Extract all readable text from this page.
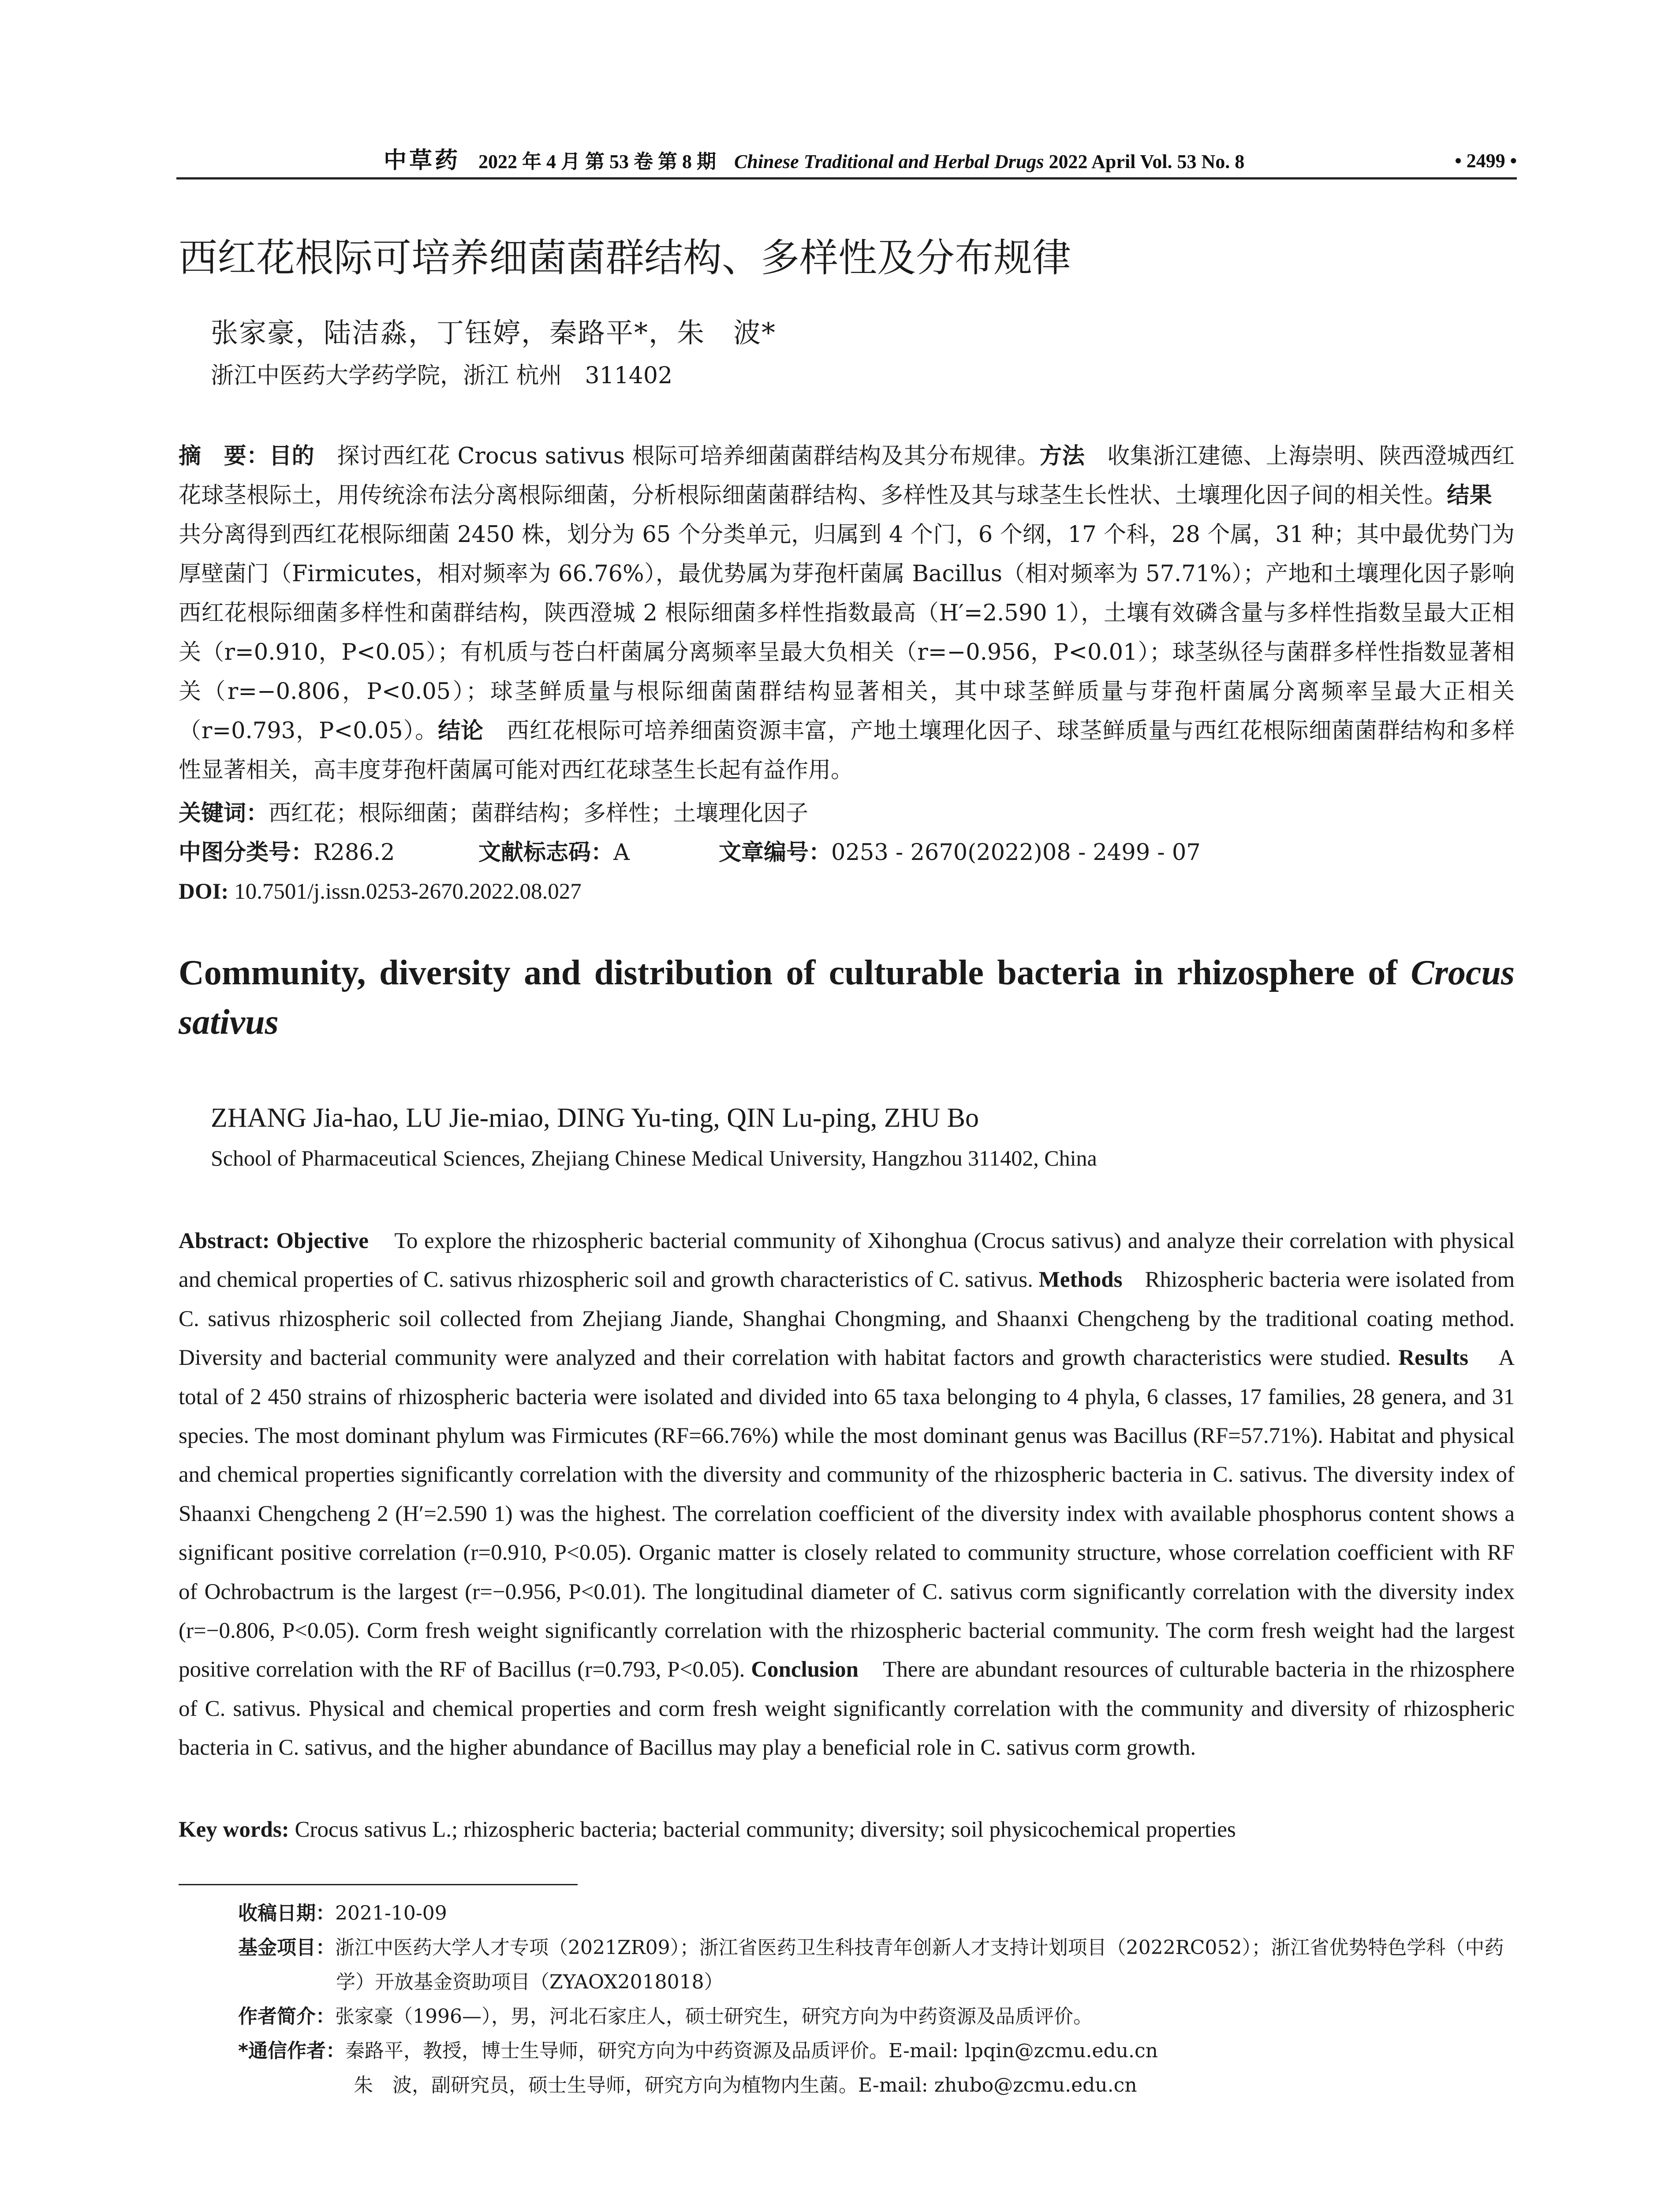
中草药 2022 年 4 月 第 53 卷 第 8 期 Chinese Traditional and Herbal Drugs 2022 April Vol. 53 No. 8	• 2499 •
西红花根际可培养细菌菌群结构、多样性及分布规律
张家豪，陆洁淼，丁钰婷，秦路平*，朱　波*
浙江中医药大学药学院，浙江 杭州　311402

摘　要：目的　探讨西红花 Crocus sativus 根际可培养细菌菌群结构及其分布规律。方法　收集浙江建德、上海崇明、陕西澄城西红花球茎根际土，用传统涂布法分离根际细菌，分析根际细菌菌群结构、多样性及其与球茎生长性状、土壤理化因子间的相关性。结果　共分离得到西红花根际细菌 2450 株，划分为 65 个分类单元，归属到 4 个门，6 个纲，17 个科，28 个属，31 种；其中最优势门为厚壁菌门（Firmicutes，相对频率为 66.76%），最优势属为芽孢杆菌属 Bacillus（相对频率为 57.71%）；产地和土壤理化因子影响西红花根际细菌多样性和菌群结构，陕西澄城 2 根际细菌多样性指数最高（H′=2.590 1），土壤有效磷含量与多样性指数呈最大正相关（r=0.910，P<0.05）；有机质与苍白杆菌属分离频率呈最大负相关（r=−0.956，P<0.01）；球茎纵径与菌群多样性指数显著相关（r=−0.806，P<0.05）；球茎鲜质量与根际细菌菌群结构显著相关，其中球茎鲜质量与芽孢杆菌属分离频率呈最大正相关（r=0.793，P<0.05）。结论　西红花根际可培养细菌资源丰富，产地土壤理化因子、球茎鲜质量与西红花根际细菌菌群结构和多样性显著相关，高丰度芽孢杆菌属可能对西红花球茎生长起有益作用。

关键词：西红花；根际细菌；菌群结构；多样性；土壤理化因子
中图分类号：R286.2	文献标志码：A	文章编号：0253 - 2670(2022)08 - 2499 - 07
DOI: 10.7501/j.issn.0253-2670.2022.08.027

Community, diversity and distribution of culturable bacteria in rhizosphere of Crocus sativus

ZHANG Jia-hao, LU Jie-miao, DING Yu-ting, QIN Lu-ping, ZHU Bo
School of Pharmaceutical Sciences, Zhejiang Chinese Medical University, Hangzhou 311402, China

Abstract: Objective To explore the rhizospheric bacterial community of Xihonghua (Crocus sativus) and analyze their correlation with physical and chemical properties of C. sativus rhizospheric soil and growth characteristics of C. sativus. Methods Rhizospheric bacteria were isolated from C. sativus rhizospheric soil collected from Zhejiang Jiande, Shanghai Chongming, and Shaanxi Chengcheng by the traditional coating method. Diversity and bacterial community were analyzed and their correlation with habitat factors and growth characteristics were studied. Results A total of 2 450 strains of rhizospheric bacteria were isolated and divided into 65 taxa belonging to 4 phyla, 6 classes, 17 families, 28 genera, and 31 species. The most dominant phylum was Firmicutes (RF=66.76%) while the most dominant genus was Bacillus (RF=57.71%). Habitat and physical and chemical properties significantly correlation with the diversity and community of the rhizospheric bacteria in C. sativus. The diversity index of Shaanxi Chengcheng 2 (H′=2.590 1) was the highest. The correlation coefficient of the diversity index with available phosphorus content shows a significant positive correlation (r=0.910, P<0.05). Organic matter is closely related to community structure, whose correlation coefficient with RF of Ochrobactrum is the largest (r=−0.956, P<0.01). The longitudinal diameter of C. sativus corm significantly correlation with the diversity index (r=−0.806, P<0.05). Corm fresh weight significantly correlation with the rhizospheric bacterial community. The corm fresh weight had the largest positive correlation with the RF of Bacillus (r=0.793, P<0.05). Conclusion There are abundant resources of culturable bacteria in the rhizosphere of C. sativus. Physical and chemical properties and corm fresh weight significantly correlation with the community and diversity of rhizospheric bacteria in C. sativus, and the higher abundance of Bacillus may play a beneficial role in C. sativus corm growth.

Key words: Crocus sativus L.; rhizospheric bacteria; bacterial community; diversity; soil physicochemical properties

收稿日期：2021-10-09

基金项目：浙江中医药大学人才专项（2021ZR09）；浙江省医药卫生科技青年创新人才支持计划项目（2022RC052）；浙江省优势特色学科（中药学）开放基金资助项目（ZYAOX2018018）

作者简介：张家豪（1996—），男，河北石家庄人，硕士研究生，研究方向为中药资源及品质评价。

*通信作者：秦路平，教授，博士生导师，研究方向为中药资源及品质评价。E-mail: lpqin@zcmu.edu.cn

朱　波，副研究员，硕士生导师，研究方向为植物内生菌。E-mail: zhubo@zcmu.edu.cn
